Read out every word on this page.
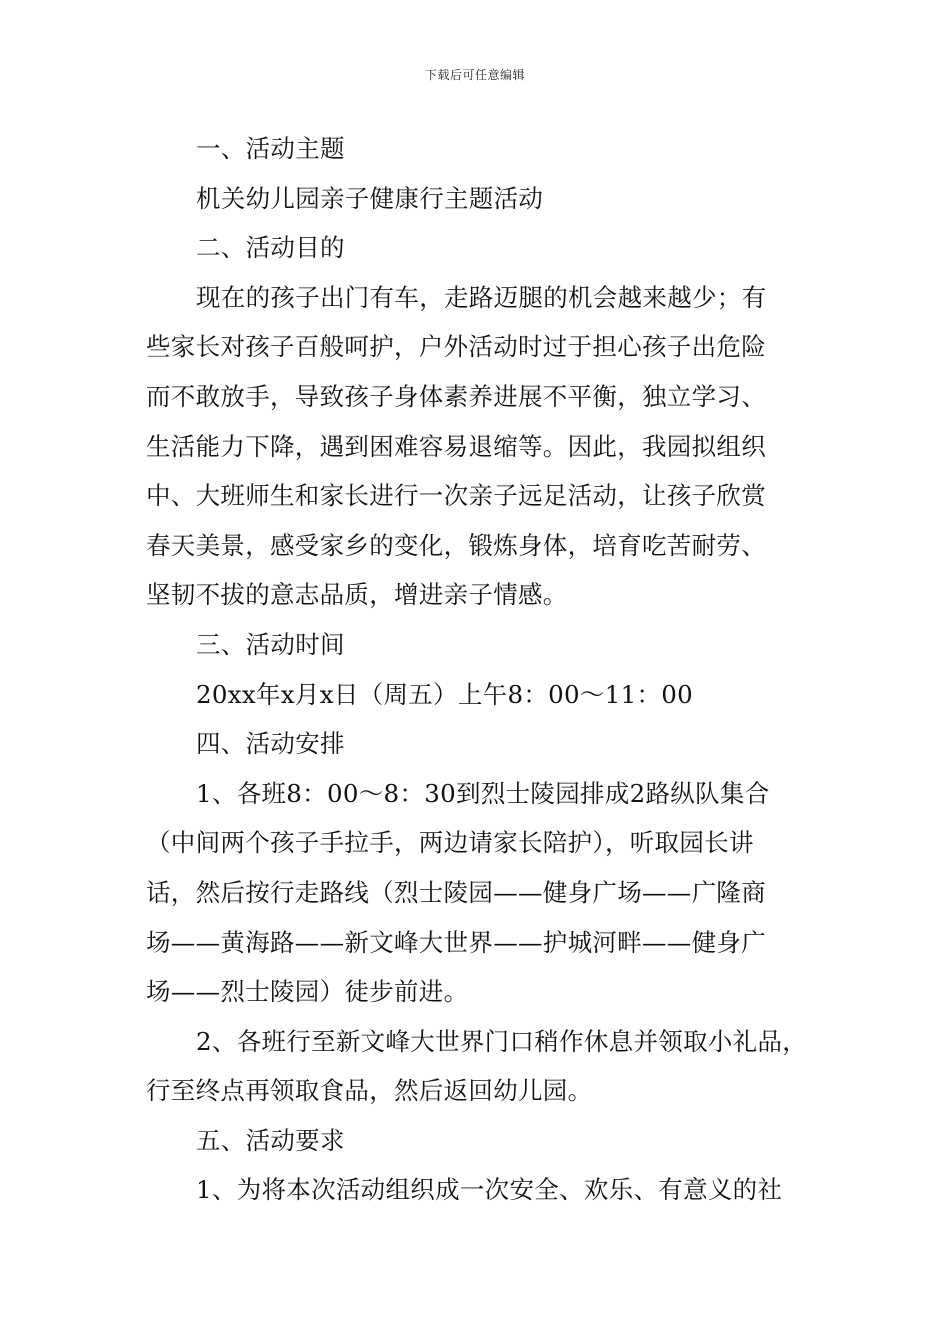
下载后可任意编辑
一、活动主题
机关幼儿园亲子健康行主题活动
二、活动目的
现在的孩子出门有车，走路迈腿的机会越来越少；有
些家长对孩子百般呵护，户外活动时过于担心孩子出危险
而不敢放手，导致孩子身体素养进展不平衡，独立学习、
生活能力下降，遇到困难容易退缩等。因此，我园拟组织
中、大班师生和家长进行一次亲子远足活动，让孩子欣赏
春天美景，感受家乡的变化，锻炼身体，培育吃苦耐劳、
坚韧不拔的意志品质，增进亲子情感。
三、活动时间
20xx年x月x日（周五）上午8：00～11：00
四、活动安排
1、各班8：00～8：30到烈士陵园排成2路纵队集合
（中间两个孩子手拉手，两边请家长陪护），听取园长讲
话，然后按行走路线（烈士陵园——健身广场——广隆商
场——黄海路——新文峰大世界——护城河畔——健身广
场——烈士陵园）徒步前进。
2、各班行至新文峰大世界门口稍作休息并领取小礼品，
行至终点再领取食品，然后返回幼儿园。
五、活动要求
1、为将本次活动组织成一次安全、欢乐、有意义的社
